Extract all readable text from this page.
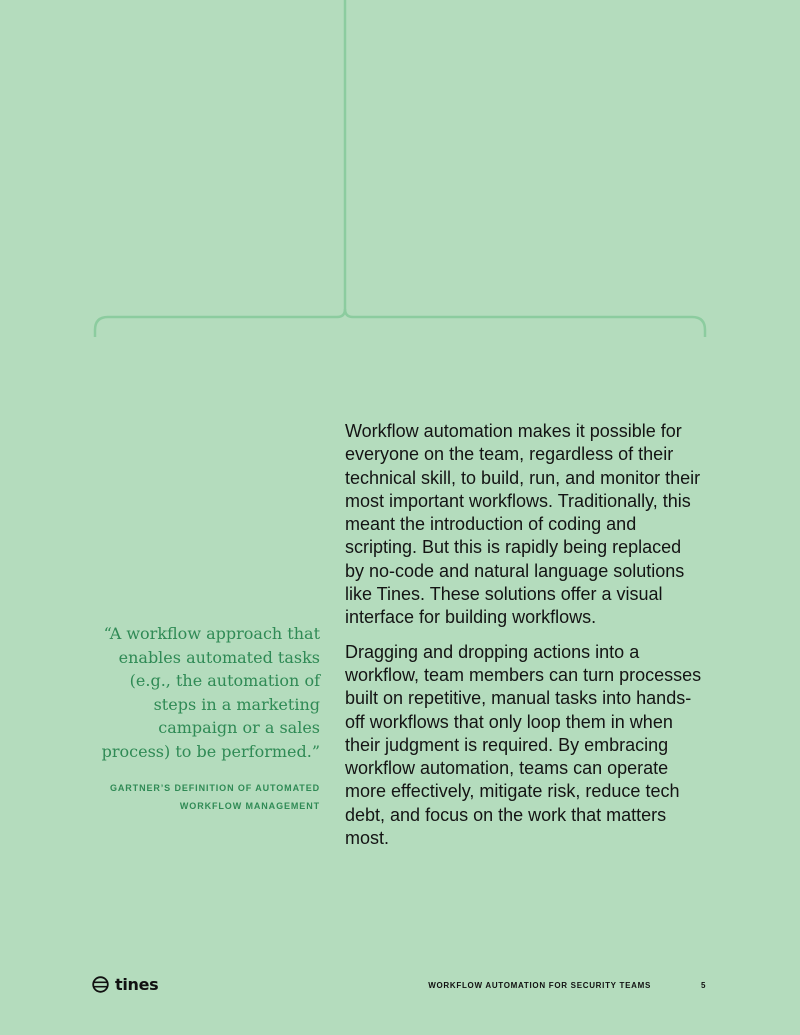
“A workflow approach that enables automated tasks (e.g., the automation of steps in a marketing campaign or a sales process) to be performed.”

GARTNER’S DEFINITION OF AUTOMATED WORKFLOW MANAGEMENT

Workflow automation makes it possible for everyone on the team, regardless of their technical skill, to build, run, and monitor their most important workflows. Traditionally, this meant the introduction of coding and scripting. But this is rapidly being replaced by no-code and natural language solutions like Tines. These solutions offer a visual interface for building workflows.

Dragging and dropping actions into a workflow, team members can turn processes built on repetitive, manual tasks into hands-off workflows that only loop them in when their judgment is required. By embracing workflow automation, teams can operate more effectively, mitigate risk, reduce tech debt, and focus on the work that matters most.

tines	WORKFLOW AUTOMATION FOR SECURITY TEAMS	5
